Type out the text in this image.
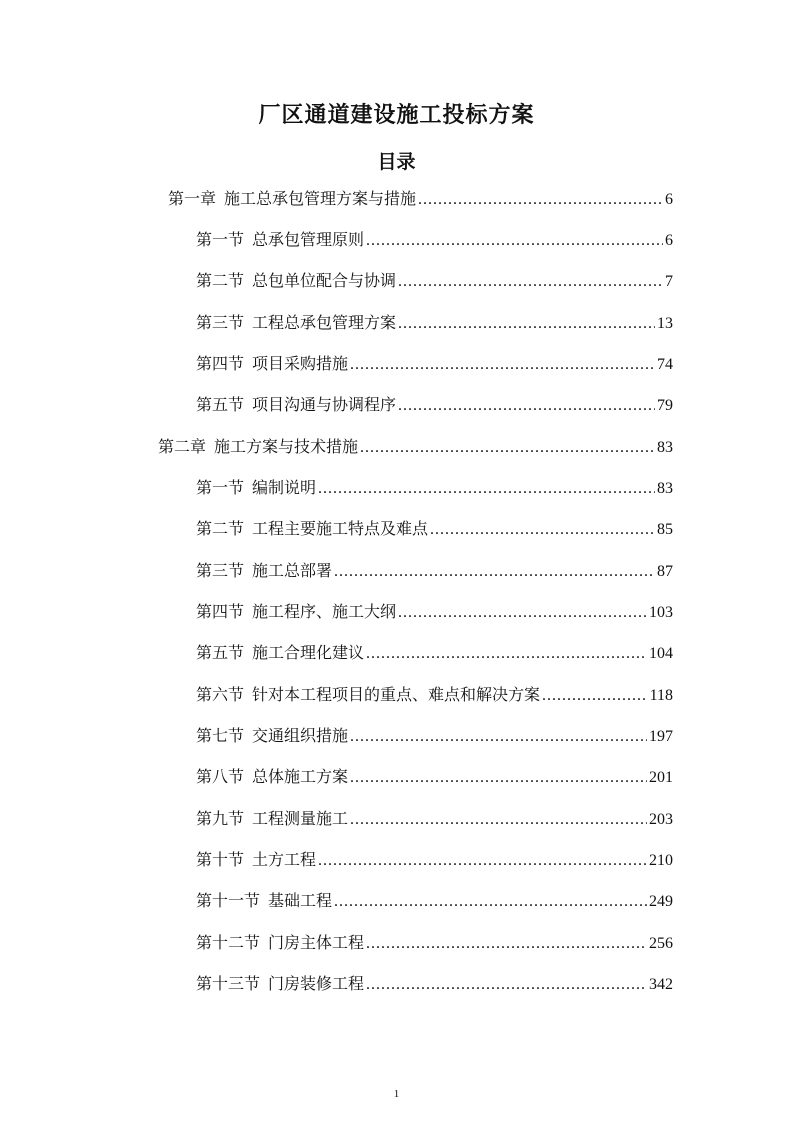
厂区通道建设施工投标方案
目录
第一章 施工总承包管理方案与措施 .....	6
第一节 总承包管理原则 .....	6
第二节 总包单位配合与协调 .....	7
第三节 工程总承包管理方案 .....	13
第四节 项目采购措施 .....	74
第五节 项目沟通与协调程序 .....	79
第二章 施工方案与技术措施 .....	83
第一节 编制说明 .....	83
第二节 工程主要施工特点及难点 .....	85
第三节 施工总部署 .....	87
第四节 施工程序、施工大纲 .....	103
第五节 施工合理化建议 .....	104
第六节 针对本工程项目的重点、难点和解决方案 .....	118
第七节 交通组织措施 .....	197
第八节 总体施工方案 .....	201
第九节 工程测量施工 .....	203
第十节 土方工程 .....	210
第十一节 基础工程 .....	249
第十二节 门房主体工程 .....	256
第十三节 门房装修工程 .....	342
1
